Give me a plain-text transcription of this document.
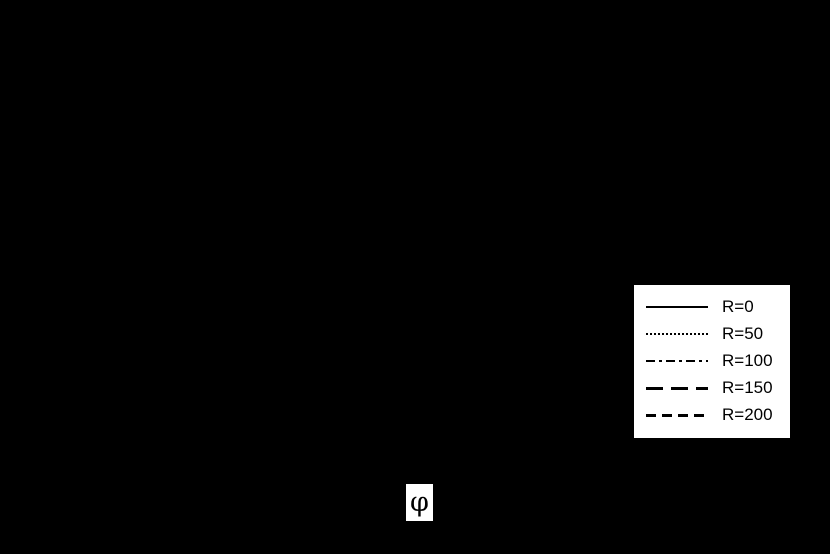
R=0
R=50
R=100
R=150
R=200
φ
